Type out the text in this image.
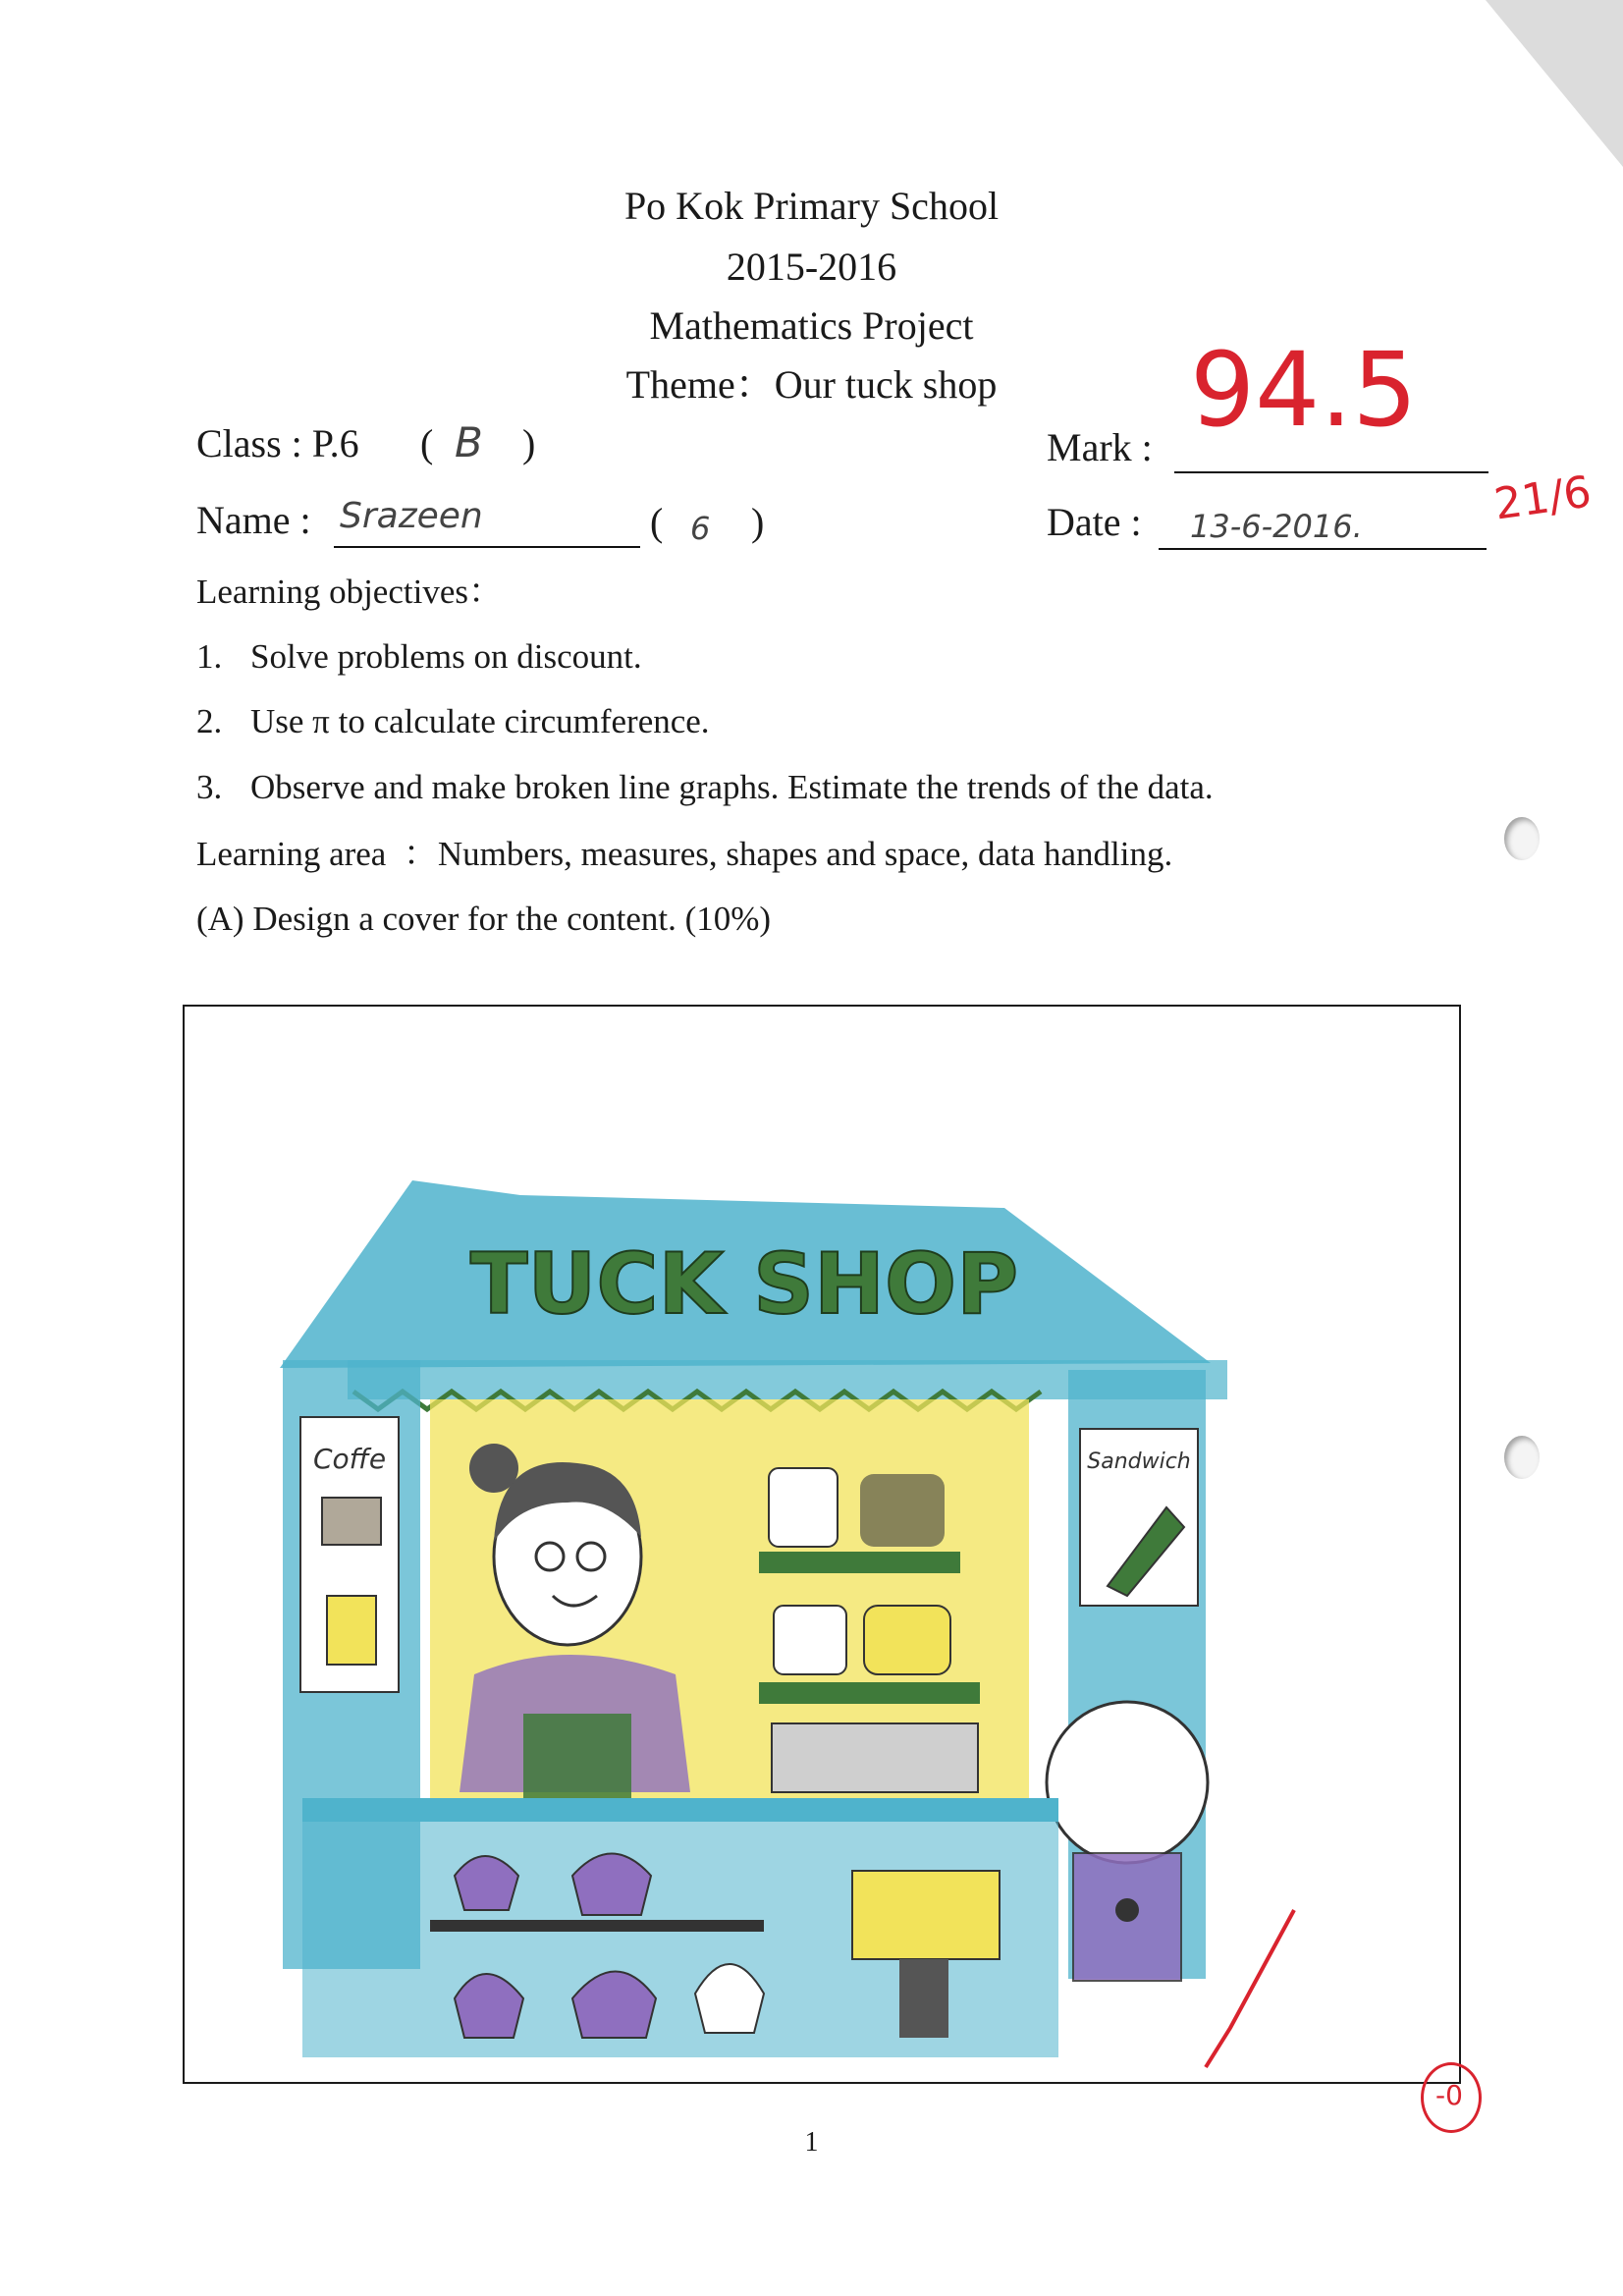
Po Kok Primary School
2015-2016
Mathematics Project
Theme：Our tuck shop
Class : P.6 ( B )	Mark : 94.5
Name : Srazeen	( 6 )	Date : 13-6-2016.	21/6
Learning objectives：
1. Solve problems on discount.
2. Use π to calculate circumference.
3. Observe and make broken line graphs. Estimate the trends of the data.
Learning area  ：Numbers, measures, shapes and space, data handling.
(A) Design a cover for the content. (10%)
TUCK SHOP
Coffe	Sandwich
-0
1
